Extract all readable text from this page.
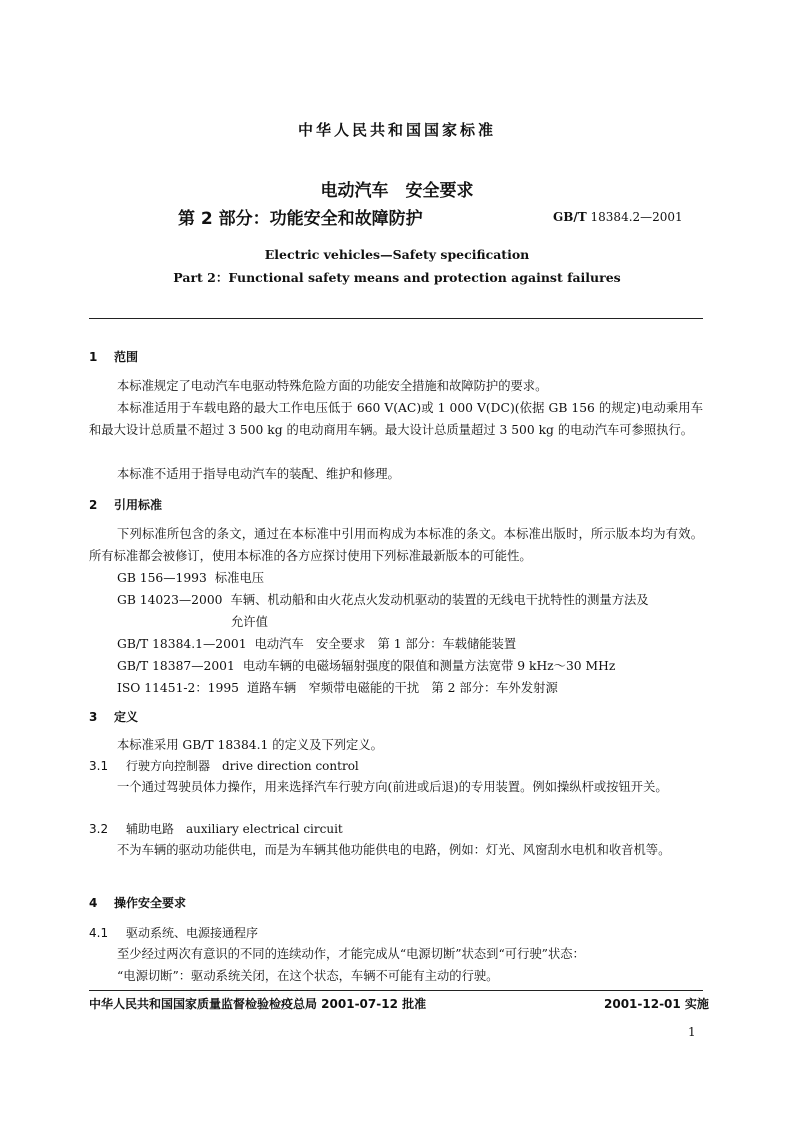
中华人民共和国国家标准
电动汽车　安全要求
第 2 部分：功能安全和故障防护	GB/T 18384.2—2001
Electric vehicles—Safety specification
Part 2：Functional safety means and protection against failures
1 范围
本标准规定了电动汽车电驱动特殊危险方面的功能安全措施和故障防护的要求。
本标准适用于车载电路的最大工作电压低于 660 V(AC)或 1 000 V(DC)(依据 GB 156 的规定)电动乘用车和最大设计总质量不超过 3 500 kg 的电动商用车辆。最大设计总质量超过 3 500 kg 的电动汽车可参照执行。
本标准不适用于指导电动汽车的装配、维护和修理。
2 引用标准
下列标准所包含的条文，通过在本标准中引用而构成为本标准的条文。本标准出版时，所示版本均为有效。所有标准都会被修订，使用本标准的各方应探讨使用下列标准最新版本的可能性。
GB 156—1993 标准电压
GB 14023—2000 车辆、机动船和由火花点火发动机驱动的装置的无线电干扰特性的测量方法及
允许值
GB/T 18384.1—2001 电动汽车　安全要求　第 1 部分：车载储能装置
GB/T 18387—2001 电动车辆的电磁场辐射强度的限值和测量方法宽带 9 kHz～30 MHz
ISO 11451-2：1995 道路车辆　窄频带电磁能的干扰　第 2 部分：车外发射源
3 定义
本标准采用 GB/T 18384.1 的定义及下列定义。
3.1 行驶方向控制器　drive direction control
一个通过驾驶员体力操作，用来选择汽车行驶方向(前进或后退)的专用装置。例如操纵杆或按钮开关。
3.2 辅助电路　auxiliary electrical circuit
不为车辆的驱动功能供电，而是为车辆其他功能供电的电路，例如：灯光、风窗刮水电机和收音机等。
4 操作安全要求
4.1 驱动系统、电源接通程序
至少经过两次有意识的不同的连续动作，才能完成从“电源切断”状态到“可行驶”状态：
“电源切断”：驱动系统关闭，在这个状态，车辆不可能有主动的行驶。
中华人民共和国国家质量监督检验检疫总局 2001-07-12 批准	2001-12-01 实施
1
